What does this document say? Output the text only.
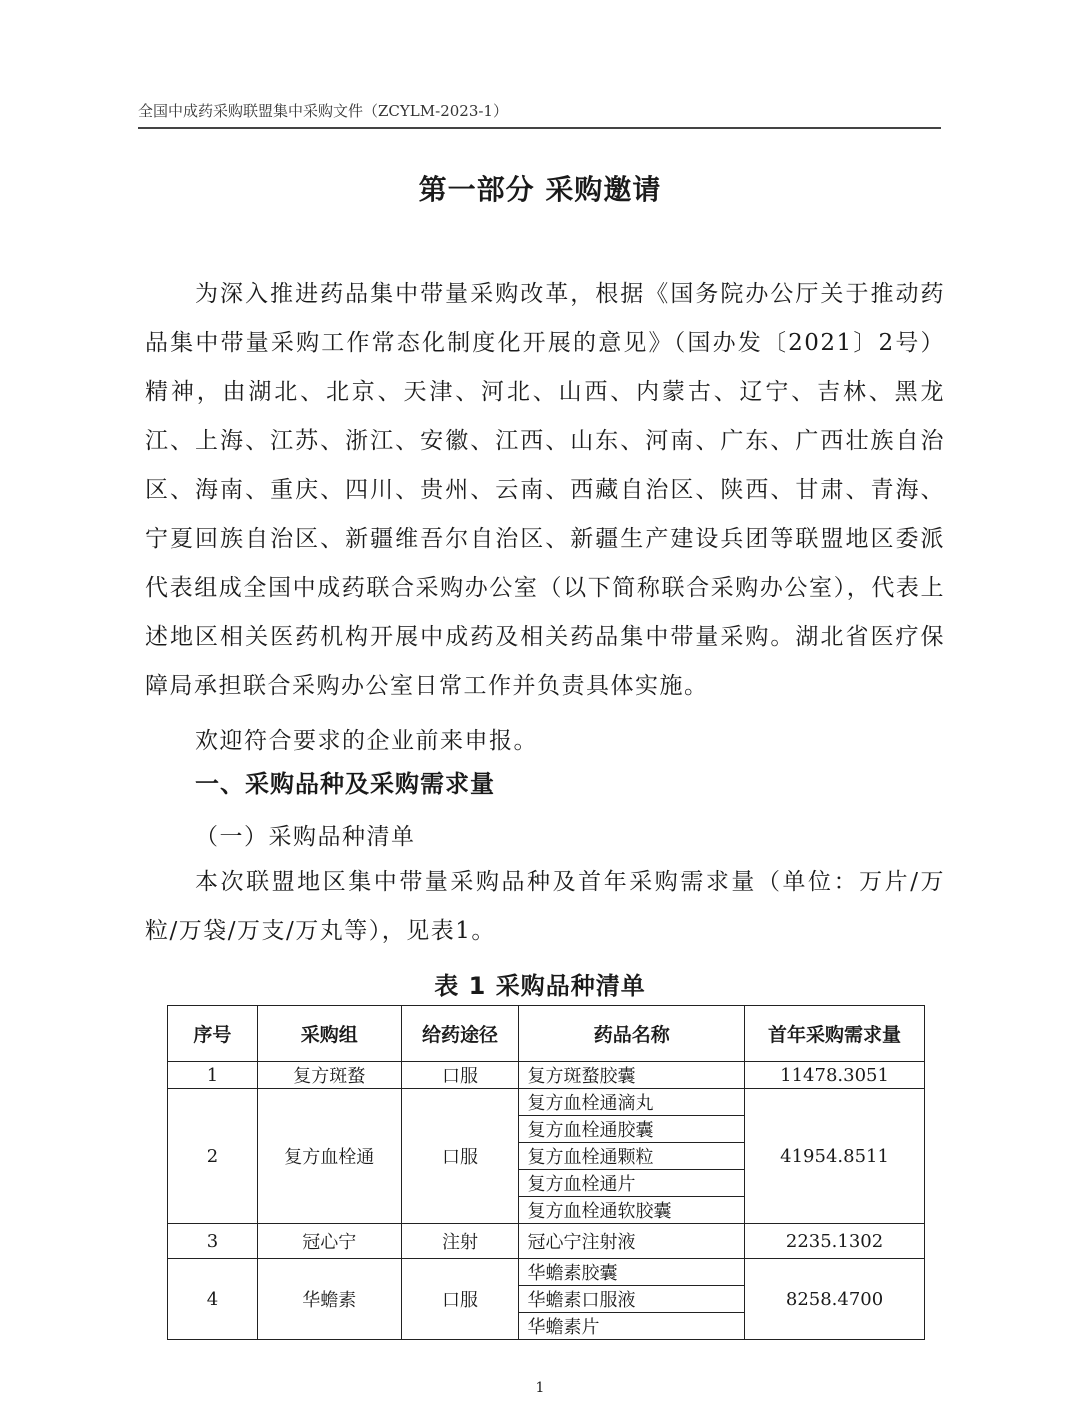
全国中成药采购联盟集中采购文件（ZCYLM-2023-1）
第一部分 采购邀请
为深入推进药品集中带量采购改革，根据《国务院办公厅关于推动药品集中带量采购工作常态化制度化开展的意见》（国办发〔2021〕2号）精神，由湖北、北京、天津、河北、山西、内蒙古、辽宁、吉林、黑龙江、上海、江苏、浙江、安徽、江西、山东、河南、广东、广西壮族自治区、海南、重庆、四川、贵州、云南、西藏自治区、陕西、甘肃、青海、宁夏回族自治区、新疆维吾尔自治区、新疆生产建设兵团等联盟地区委派代表组成全国中成药联合采购办公室（以下简称联合采购办公室），代表上述地区相关医药机构开展中成药及相关药品集中带量采购。湖北省医疗保障局承担联合采购办公室日常工作并负责具体实施。
欢迎符合要求的企业前来申报。
一、采购品种及采购需求量
（一）采购品种清单
本次联盟地区集中带量采购品种及首年采购需求量（单位：万片/万粒/万袋/万支/万丸等），见表1。
表 1 采购品种清单
序号	采购组	给药途径	药品名称	首年采购需求量
1	复方斑蝥	口服	复方斑蝥胶囊	11478.3051
2	复方血栓通	口服	复方血栓通滴丸	41954.8511
			复方血栓通胶囊	
			复方血栓通颗粒	
			复方血栓通片	
			复方血栓通软胶囊	
3	冠心宁	注射	冠心宁注射液	2235.1302
4	华蟾素	口服	华蟾素胶囊	8258.4700
			华蟾素口服液	
			华蟾素片	
1
